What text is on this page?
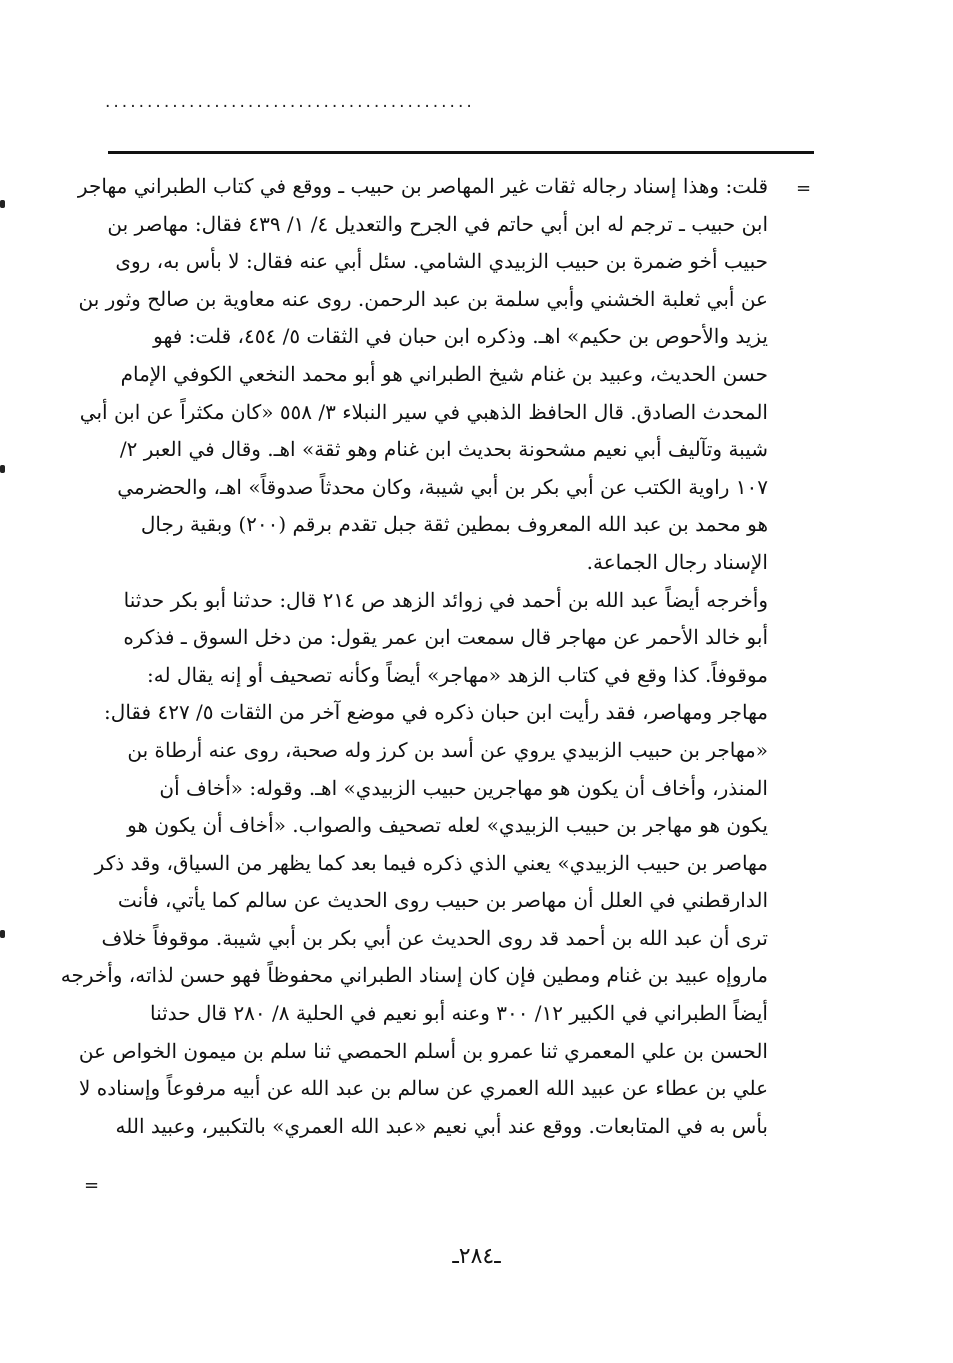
............................................
=
قلت: وهذا إسناد رجاله ثقات غير المهاصر بن حبيب ـ ووقع في كتاب الطبراني مهاجر
ابن حبيب ـ ترجم له ابن أبي حاتم في الجرح والتعديل ٤/ ١/ ٤٣٩ فقال: مهاصر بن
حبيب أخو ضمرة بن حبيب الزبيدي الشامي. سئل أبي عنه فقال: لا بأس به، روى
عن أبي ثعلبة الخشني وأبي سلمة بن عبد الرحمن. روى عنه معاوية بن صالح وثور بن
يزيد والأحوص بن حكيم» اهـ. وذكره ابن حبان في الثقات ٥/ ٤٥٤، قلت: فهو
حسن الحديث، وعبيد بن غنام شيخ الطبراني هو أبو محمد النخعي الكوفي الإمام
المحدث الصادق. قال الحافظ الذهبي في سير النبلاء ٣/ ٥٥٨ «كان مكثراً عن ابن أبي
شيبة وتآليف أبي نعيم مشحونة بحديث ابن غنام وهو ثقة» اهـ. وقال في العبر ٢/
١٠٧ راوية الكتب عن أبي بكر بن أبي شيبة، وكان محدثاً صدوقاً» اهـ، والحضرمي
هو محمد بن عبد الله المعروف بمطين ثقة جبل تقدم برقم (٢٠٠) وبقية رجال
الإسناد رجال الجماعة.
وأخرجه أيضاً عبد الله بن أحمد في زوائد الزهد ص ٢١٤ قال: حدثنا أبو بكر حدثنا
أبو خالد الأحمر عن مهاجر قال سمعت ابن عمر يقول: من دخل السوق ـ فذكره
موقوفاً. كذا وقع في كتاب الزهد «مهاجر» أيضاً وكأنه تصحيف أو إنه يقال له:
مهاجر ومهاصر، فقد رأيت ابن حبان ذكره في موضع آخر من الثقات ٥/ ٤٢٧ فقال:
«مهاجر بن حبيب الزبيدي يروي عن أسد بن كرز وله صحبة، روى عنه أرطاة بن
المنذر، وأخاف أن يكون هو مهاجرين حبيب الزبيدي» اهـ. وقوله: «أخاف أن
يكون هو مهاجر بن حبيب الزبيدي» لعله تصحيف والصواب. «أخاف أن يكون هو
مهاصر بن حبيب الزبيدي» يعني الذي ذكره فيما بعد كما يظهر من السياق، وقد ذكر
الدارقطني في العلل أن مهاصر بن حبيب روى الحديث عن سالم كما يأتي، فأنت
ترى أن عبد الله بن أحمد قد روى الحديث عن أبي بكر بن أبي شيبة. موقوفاً خلاف
ماروإه عبيد بن غنام ومطين فإن كان إسناد الطبراني محفوظاً فهو حسن لذاته، وأخرجه
أيضاً الطبراني في الكبير ١٢/ ٣٠٠ وعنه أبو نعيم في الحلية ٨/ ٢٨٠ قال حدثنا
الحسن بن علي المعمري ثنا عمرو بن أسلم الحمصي ثنا سلم بن ميمون الخواص عن
علي بن عطاء عن عبيد الله العمري عن سالم بن عبد الله عن أبيه مرفوعاً وإسناده لا
بأس به في المتابعات. ووقع عند أبي نعيم «عبد الله العمري» بالتكبير، وعبيد الله
=
ـ٢٨٤ـ
